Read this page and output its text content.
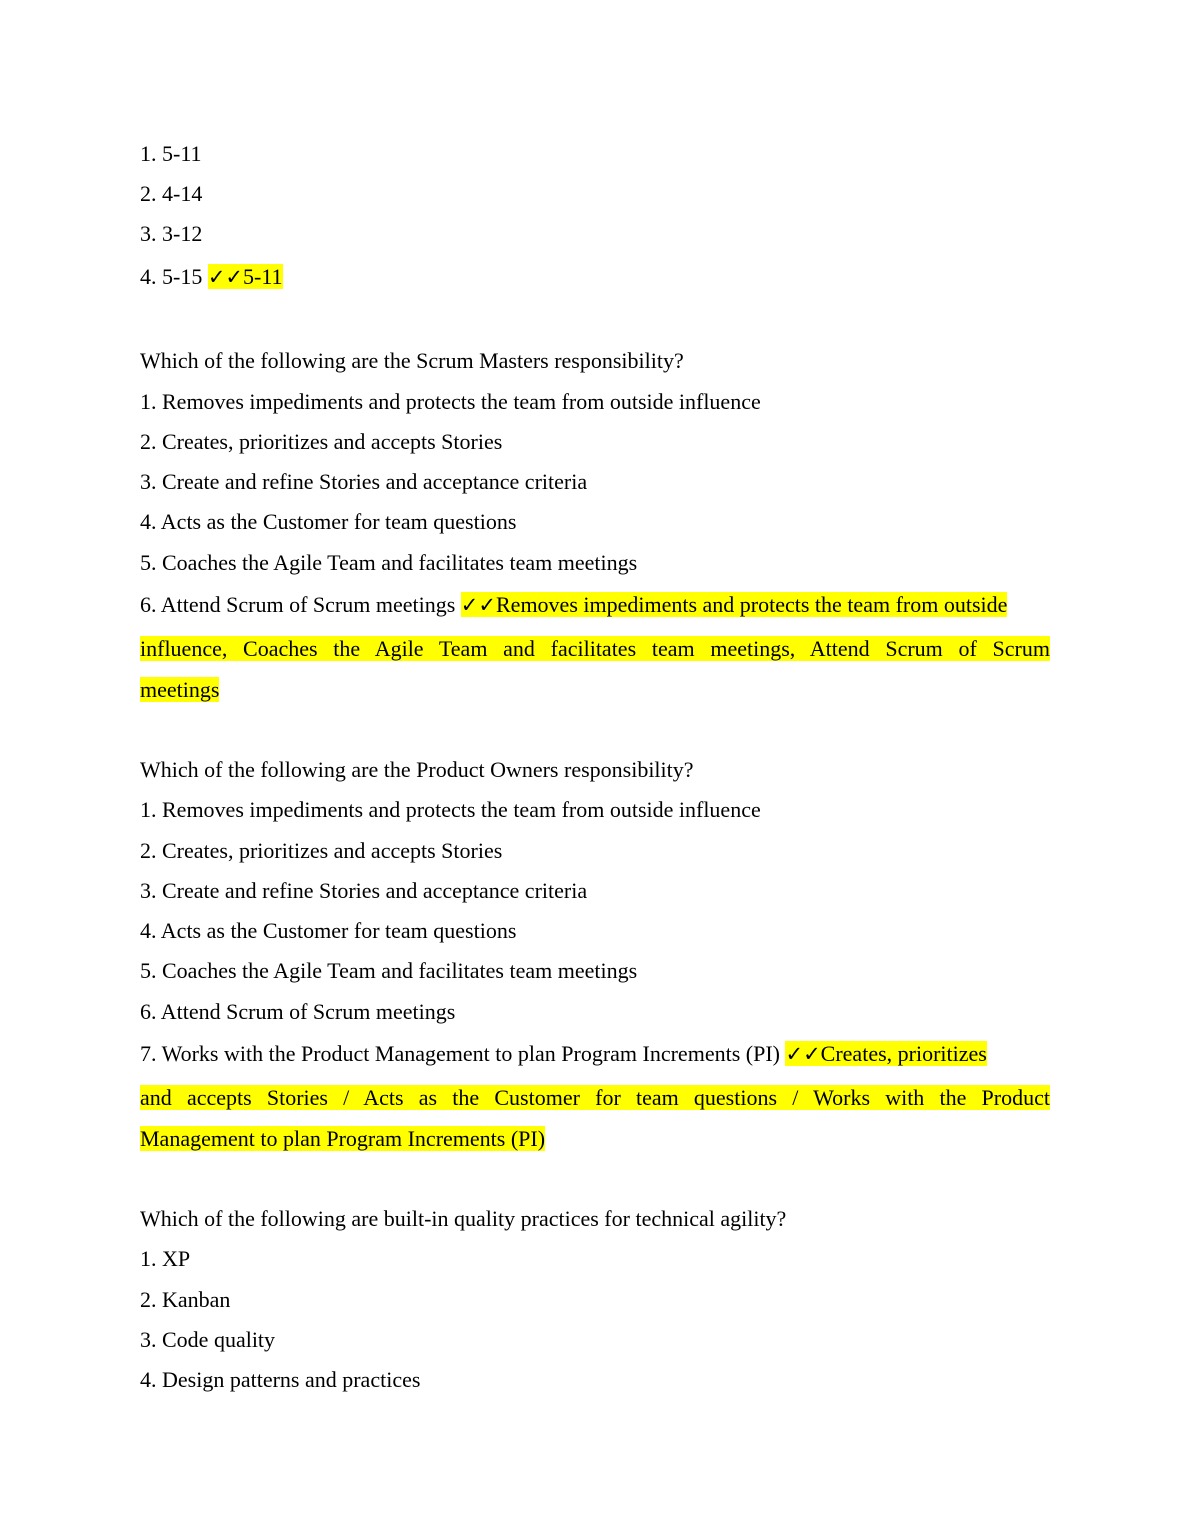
1. 5-11
2. 4-14
3. 3-12
4. 5-15 ✓✓5-11
Which of the following are the Scrum Masters responsibility?
1. Removes impediments and protects the team from outside influence
2. Creates, prioritizes and accepts Stories
3. Create and refine Stories and acceptance criteria
4. Acts as the Customer for team questions
5. Coaches the Agile Team and facilitates team meetings
6. Attend Scrum of Scrum meetings ✓✓Removes impediments and protects the team from outside
influence, Coaches the Agile Team and facilitates team meetings, Attend Scrum of Scrum
meetings
Which of the following are the Product Owners responsibility?
1. Removes impediments and protects the team from outside influence
2. Creates, prioritizes and accepts Stories
3. Create and refine Stories and acceptance criteria
4. Acts as the Customer for team questions
5. Coaches the Agile Team and facilitates team meetings
6. Attend Scrum of Scrum meetings
7. Works with the Product Management to plan Program Increments (PI) ✓✓Creates, prioritizes
and accepts Stories / Acts as the Customer for team questions / Works with the Product
Management to plan Program Increments (PI)
Which of the following are built-in quality practices for technical agility?
1. XP
2. Kanban
3. Code quality
4. Design patterns and practices
